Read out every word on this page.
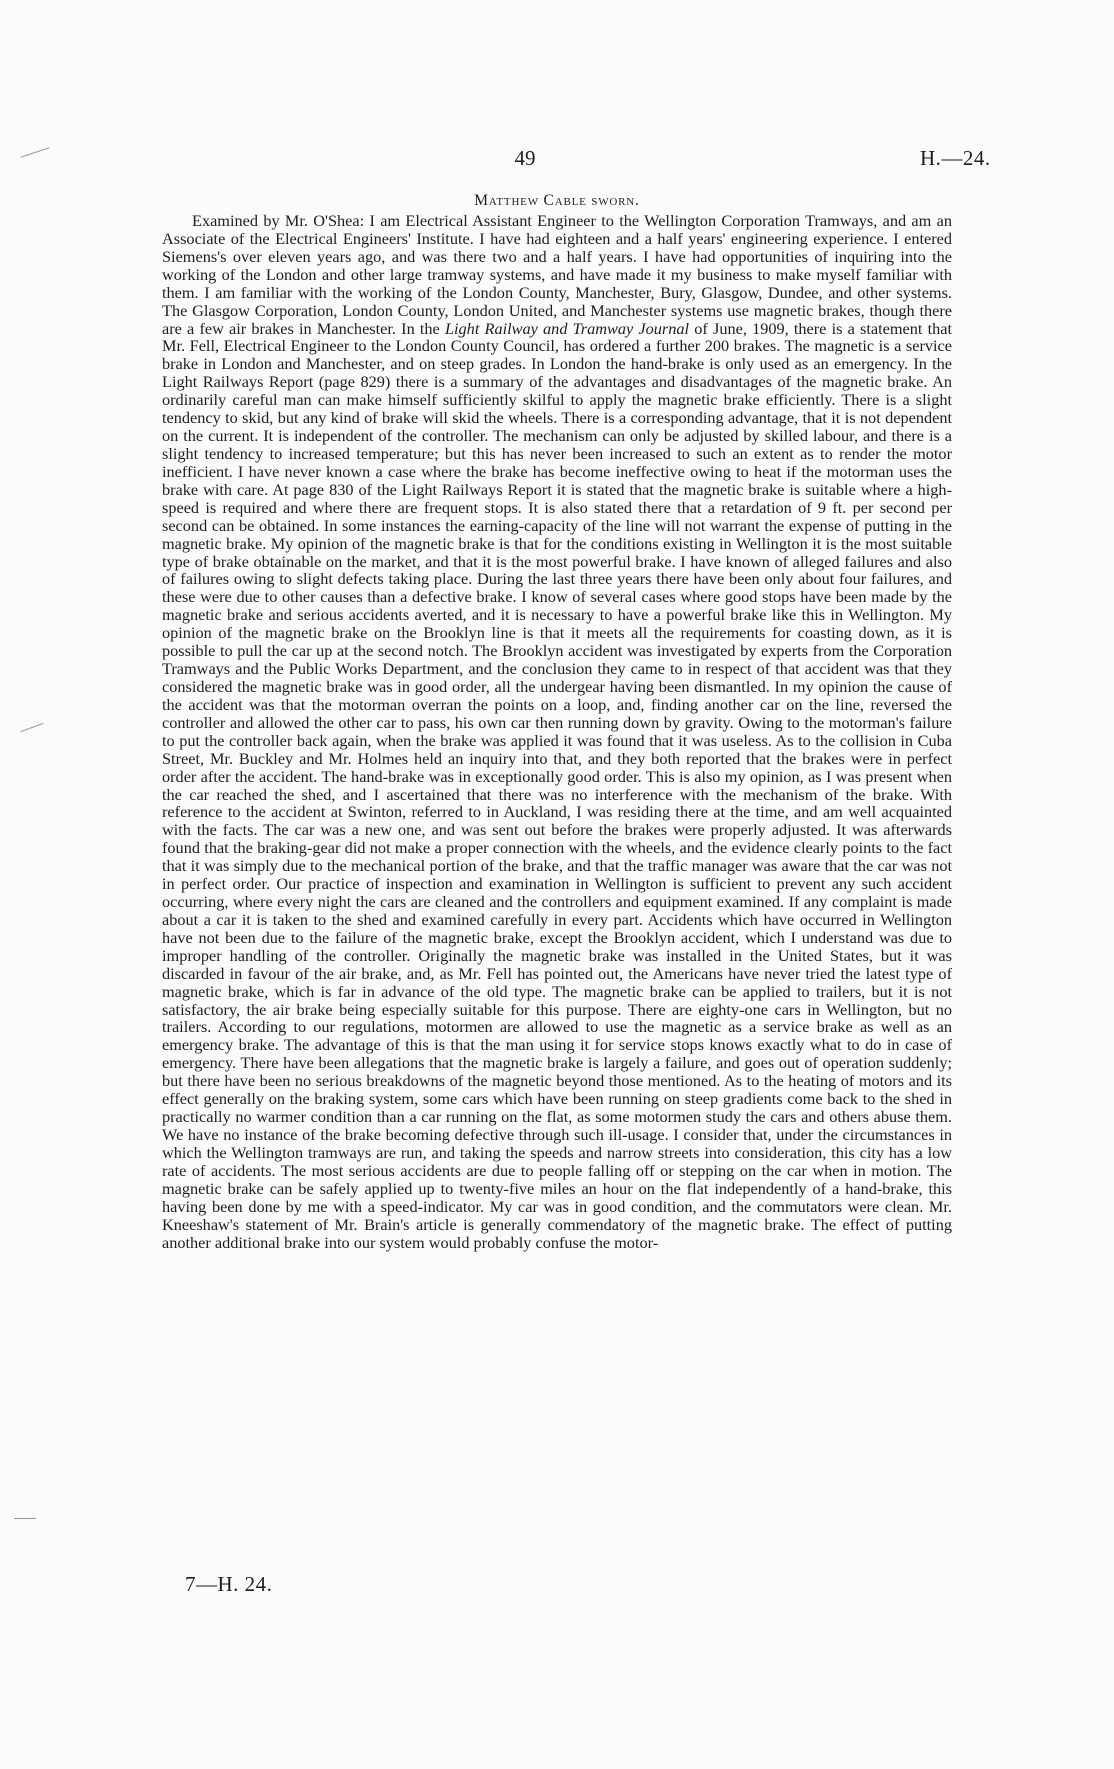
49	H.—24.
Matthew Cable sworn.

Examined by Mr. O'Shea: I am Electrical Assistant Engineer to the Wellington Corporation Tramways, and am an Associate of the Electrical Engineers' Institute. I have had eighteen and a half years' engineering experience. I entered Siemens's over eleven years ago, and was there two and a half years. I have had opportunities of inquiring into the working of the London and other large tramway systems, and have made it my business to make myself familiar with them. I am familiar with the working of the London County, Manchester, Bury, Glasgow, Dundee, and other systems. The Glasgow Corporation, London County, London United, and Manchester systems use magnetic brakes, though there are a few air brakes in Manchester. In the Light Railway and Tramway Journal of June, 1909, there is a statement that Mr. Fell, Electrical Engineer to the London County Council, has ordered a further 200 brakes. The magnetic is a service brake in London and Manchester, and on steep grades. In London the hand-brake is only used as an emergency. In the Light Railways Report (page 829) there is a summary of the advantages and disadvantages of the magnetic brake. An ordinarily careful man can make himself sufficiently skilful to apply the magnetic brake efficiently. There is a slight tendency to skid, but any kind of brake will skid the wheels. There is a corresponding advantage, that it is not dependent on the current. It is independent of the controller. The mechanism can only be adjusted by skilled labour, and there is a slight tendency to increased temperature; but this has never been increased to such an extent as to render the motor inefficient. I have never known a case where the brake has become ineffective owing to heat if the motorman uses the brake with care. At page 830 of the Light Railways Report it is stated that the magnetic brake is suitable where a high-speed is required and where there are frequent stops. It is also stated there that a retardation of 9 ft. per second per second can be obtained. In some instances the earning-capacity of the line will not warrant the expense of putting in the magnetic brake. My opinion of the magnetic brake is that for the conditions existing in Wellington it is the most suitable type of brake obtainable on the market, and that it is the most powerful brake. I have known of alleged failures and also of failures owing to slight defects taking place. During the last three years there have been only about four failures, and these were due to other causes than a defective brake. I know of several cases where good stops have been made by the magnetic brake and serious accidents averted, and it is necessary to have a powerful brake like this in Wellington. My opinion of the magnetic brake on the Brooklyn line is that it meets all the requirements for coasting down, as it is possible to pull the car up at the second notch. The Brooklyn accident was investigated by experts from the Corporation Tramways and the Public Works Department, and the conclusion they came to in respect of that accident was that they considered the magnetic brake was in good order, all the undergear having been dismantled. In my opinion the cause of the accident was that the motorman overran the points on a loop, and, finding another car on the line, reversed the controller and allowed the other car to pass, his own car then running down by gravity. Owing to the motorman's failure to put the controller back again, when the brake was applied it was found that it was useless. As to the collision in Cuba Street, Mr. Buckley and Mr. Holmes held an inquiry into that, and they both reported that the brakes were in perfect order after the accident. The hand-brake was in exceptionally good order. This is also my opinion, as I was present when the car reached the shed, and I ascertained that there was no interference with the mechanism of the brake. With reference to the accident at Swinton, referred to in Auckland, I was residing there at the time, and am well acquainted with the facts. The car was a new one, and was sent out before the brakes were properly adjusted. It was afterwards found that the braking-gear did not make a proper connection with the wheels, and the evidence clearly points to the fact that it was simply due to the mechanical portion of the brake, and that the traffic manager was aware that the car was not in perfect order. Our practice of inspection and examination in Wellington is sufficient to prevent any such accident occurring, where every night the cars are cleaned and the controllers and equipment examined. If any complaint is made about a car it is taken to the shed and examined carefully in every part. Accidents which have occurred in Wellington have not been due to the failure of the magnetic brake, except the Brooklyn accident, which I understand was due to improper handling of the controller. Originally the magnetic brake was installed in the United States, but it was discarded in favour of the air brake, and, as Mr. Fell has pointed out, the Americans have never tried the latest type of magnetic brake, which is far in advance of the old type. The magnetic brake can be applied to trailers, but it is not satisfactory, the air brake being especially suitable for this purpose. There are eighty-one cars in Wellington, but no trailers. According to our regulations, motormen are allowed to use the magnetic as a service brake as well as an emergency brake. The advantage of this is that the man using it for service stops knows exactly what to do in case of emergency. There have been allegations that the magnetic brake is largely a failure, and goes out of operation suddenly; but there have been no serious breakdowns of the magnetic beyond those mentioned. As to the heating of motors and its effect generally on the braking system, some cars which have been running on steep gradients come back to the shed in practically no warmer condition than a car running on the flat, as some motormen study the cars and others abuse them. We have no instance of the brake becoming defective through such ill-usage. I consider that, under the circumstances in which the Wellington tramways are run, and taking the speeds and narrow streets into consideration, this city has a low rate of accidents. The most serious accidents are due to people falling off or stepping on the car when in motion. The magnetic brake can be safely applied up to twenty-five miles an hour on the flat independently of a hand-brake, this having been done by me with a speed-indicator. My car was in good condition, and the commutators were clean. Mr. Kneeshaw's statement of Mr. Brain's article is generally commendatory of the magnetic brake. The effect of putting another additional brake into our system would probably confuse the motor-

7—H. 24.
